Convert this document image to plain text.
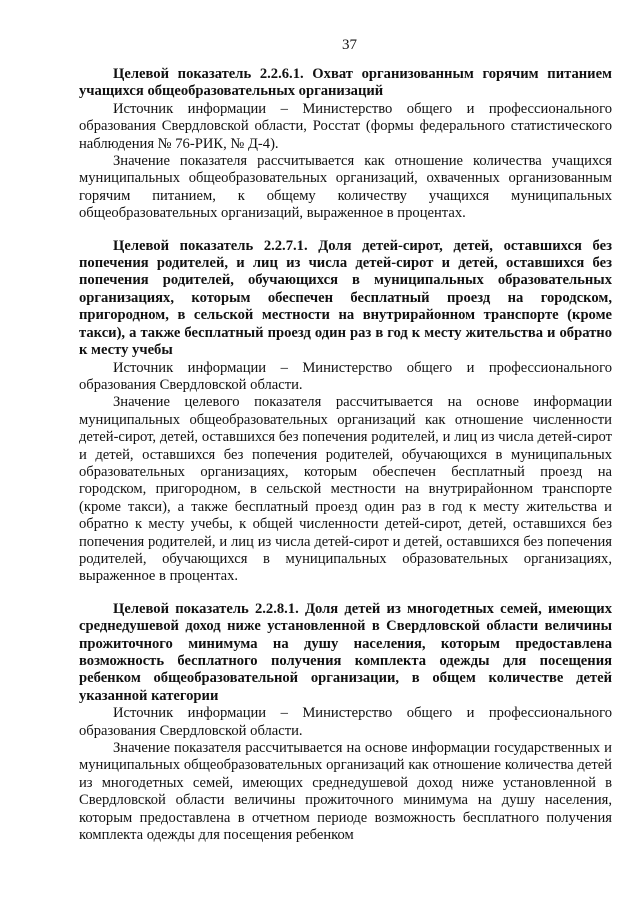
37

Целевой показатель 2.2.6.1. Охват организованным горячим питанием учащихся общеобразовательных организаций

Источник информации – Министерство общего и профессионального образования Свердловской области, Росстат (формы федерального статистического наблюдения № 76-РИК, № Д-4).

Значение показателя рассчитывается как отношение количества учащихся муниципальных общеобразовательных организаций, охваченных организованным горячим питанием, к общему количеству учащихся муниципальных общеобразовательных организаций, выраженное в процентах.

Целевой показатель 2.2.7.1. Доля детей-сирот, детей, оставшихся без попечения родителей, и лиц из числа детей-сирот и детей, оставшихся без попечения родителей, обучающихся в муниципальных образовательных организациях, которым обеспечен бесплатный проезд на городском, пригородном, в сельской местности на внутрирайонном транспорте (кроме такси), а также бесплатный проезд один раз в год к месту жительства и обратно к месту учебы

Источник информации – Министерство общего и профессионального образования Свердловской области.

Значение целевого показателя рассчитывается на основе информации муниципальных общеобразовательных организаций как отношение численности детей-сирот, детей, оставшихся без попечения родителей, и лиц из числа детей-сирот и детей, оставшихся без попечения родителей, обучающихся в муниципальных образовательных организациях, которым обеспечен бесплатный проезд на городском, пригородном, в сельской местности на внутрирайонном транспорте (кроме такси), а также бесплатный проезд один раз в год к месту жительства и обратно к месту учебы, к общей численности детей-сирот, детей, оставшихся без попечения родителей, и лиц из числа детей-сирот и детей, оставшихся без попечения родителей, обучающихся в муниципальных образовательных организациях, выраженное в процентах.

Целевой показатель 2.2.8.1. Доля детей из многодетных семей, имеющих среднедушевой доход ниже установленной в Свердловской области величины прожиточного минимума на душу населения, которым предоставлена возможность бесплатного получения комплекта одежды для посещения ребенком общеобразовательной организации, в общем количестве детей указанной категории

Источник информации – Министерство общего и профессионального образования Свердловской области.

Значение показателя рассчитывается на основе информации государственных и муниципальных общеобразовательных организаций как отношение количества детей из многодетных семей, имеющих среднедушевой доход ниже установленной в Свердловской области величины прожиточного минимума на душу населения, которым предоставлена в отчетном периоде возможность бесплатного получения комплекта одежды для посещения ребенком
